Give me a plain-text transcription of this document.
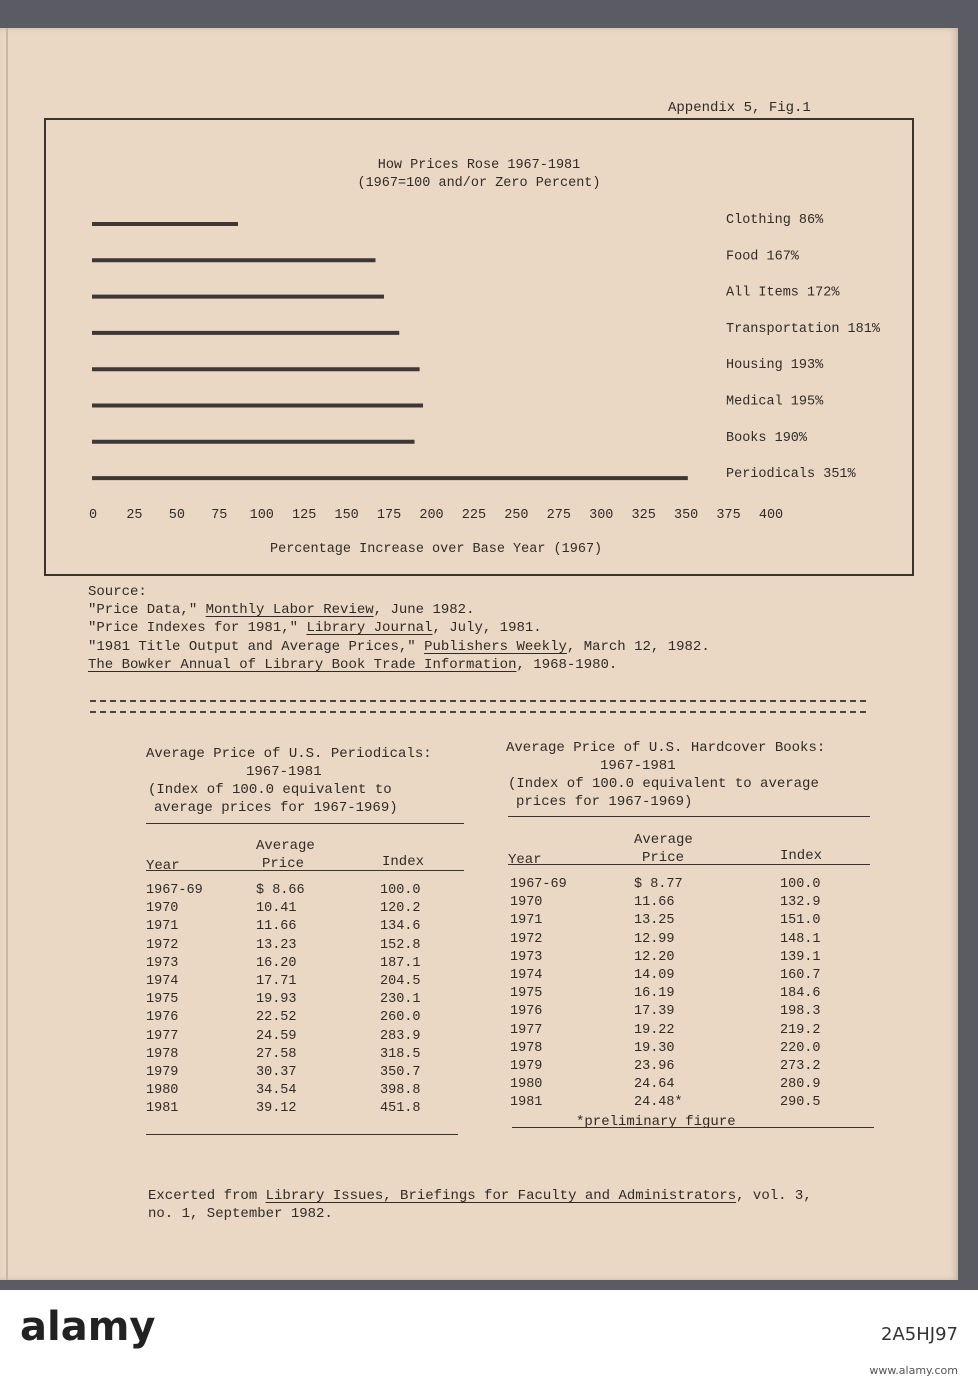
Appendix 5, Fig.1
How Prices Rose 1967-1981
(1967=100 and/or Zero Percent)
Clothing 86%
Food 167%
All Items 172%
Transportation 181%
Housing 193%
Medical 195%
Books 190%
Periodicals 351%
0 25 50 75 100 125 150 175 200 225 250 275 300 325 350 375 400
Percentage Increase over Base Year (1967)
Source:
"Price Data," Monthly Labor Review, June 1982.
"Price Indexes for 1981," Library Journal, July, 1981.
"1981 Title Output and Average Prices," Publishers Weekly, March 12, 1982.
The Bowker Annual of Library Book Trade Information, 1968-1980.
Average Price of U.S. Periodicals:
1967-1981
(Index of 100.0 equivalent to
average prices for 1967-1969)
Average
Year	Price	Index
1967-69	$ 8.66	100.0
1970	10.41	120.2
1971	11.66	134.6
1972	13.23	152.8
1973	16.20	187.1
1974	17.71	204.5
1975	19.93	230.1
1976	22.52	260.0
1977	24.59	283.9
1978	27.58	318.5
1979	30.37	350.7
1980	34.54	398.8
1981	39.12	451.8
Average Price of U.S. Hardcover Books:
1967-1981
(Index of 100.0 equivalent to average
prices for 1967-1969)
Average
Year	Price	Index
1967-69	$ 8.77	100.0
1970	11.66	132.9
1971	13.25	151.0
1972	12.99	148.1
1973	12.20	139.1
1974	14.09	160.7
1975	16.19	184.6
1976	17.39	198.3
1977	19.22	219.2
1978	19.30	220.0
1979	23.96	273.2
1980	24.64	280.9
1981	24.48*	290.5
*preliminary figure
Excerted from Library Issues, Briefings for Faculty and Administrators, vol. 3,
no. 1, September 1982.
alamy	2A5HJ97
www.alamy.com
